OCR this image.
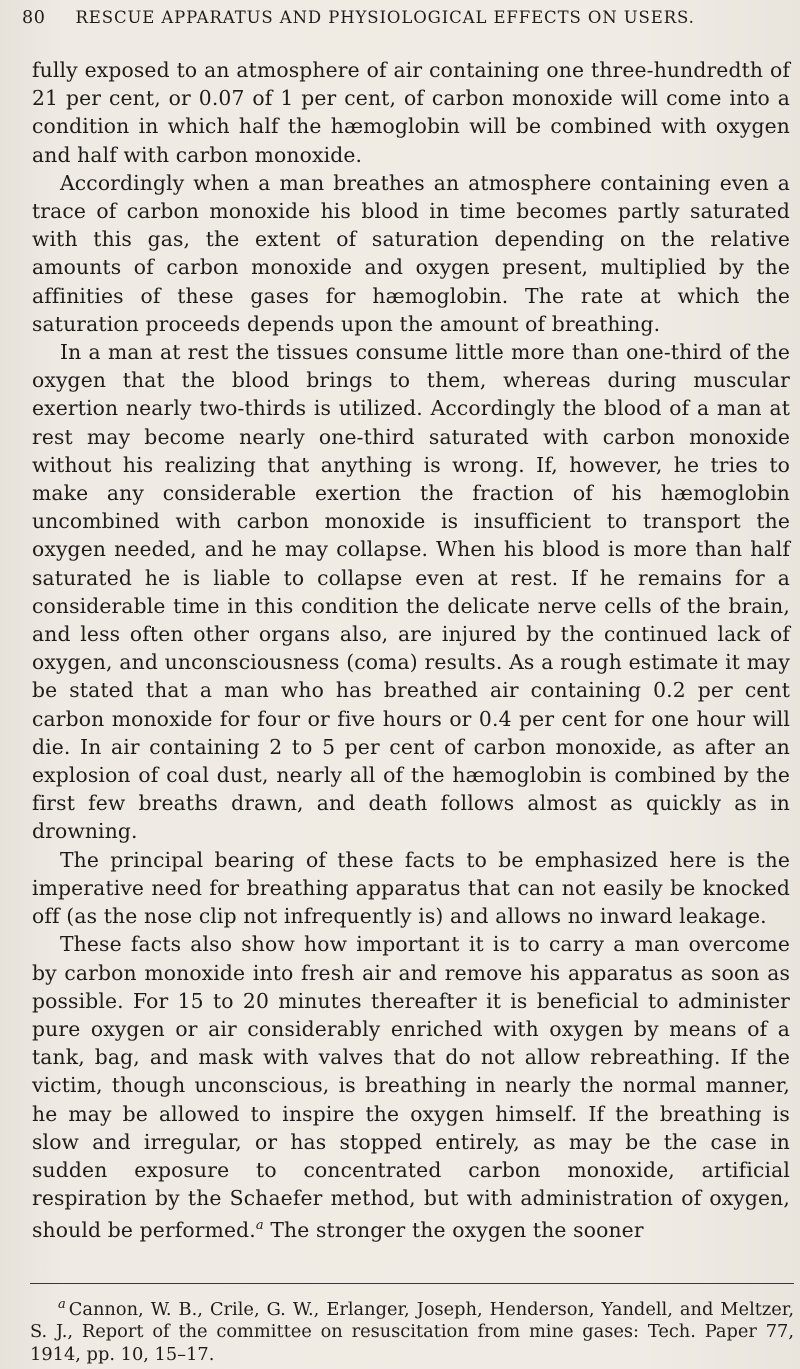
80 RESCUE APPARATUS AND PHYSIOLOGICAL EFFECTS ON USERS.

fully exposed to an atmosphere of air containing one three-hundredth of 21 per cent, or 0.07 of 1 per cent, of carbon monoxide will come into a condition in which half the hæmoglobin will be combined with oxygen and half with carbon monoxide.

Accordingly when a man breathes an atmosphere containing even a trace of carbon monoxide his blood in time becomes partly saturated with this gas, the extent of saturation depending on the relative amounts of carbon monoxide and oxygen present, multiplied by the affinities of these gases for hæmoglobin. The rate at which the saturation proceeds depends upon the amount of breathing.

In a man at rest the tissues consume little more than one-third of the oxygen that the blood brings to them, whereas during muscular exertion nearly two-thirds is utilized. Accordingly the blood of a man at rest may become nearly one-third saturated with carbon monoxide without his realizing that anything is wrong. If, however, he tries to make any considerable exertion the fraction of his hæmoglobin uncombined with carbon monoxide is insufficient to transport the oxygen needed, and he may collapse. When his blood is more than half saturated he is liable to collapse even at rest. If he remains for a considerable time in this condition the delicate nerve cells of the brain, and less often other organs also, are injured by the continued lack of oxygen, and unconsciousness (coma) results. As a rough estimate it may be stated that a man who has breathed air containing 0.2 per cent carbon monoxide for four or five hours or 0.4 per cent for one hour will die. In air containing 2 to 5 per cent of carbon monoxide, as after an explosion of coal dust, nearly all of the hæmoglobin is combined by the first few breaths drawn, and death follows almost as quickly as in drowning.

The principal bearing of these facts to be emphasized here is the imperative need for breathing apparatus that can not easily be knocked off (as the nose clip not infrequently is) and allows no inward leakage.

These facts also show how important it is to carry a man overcome by carbon monoxide into fresh air and remove his apparatus as soon as possible. For 15 to 20 minutes thereafter it is beneficial to administer pure oxygen or air considerably enriched with oxygen by means of a tank, bag, and mask with valves that do not allow rebreathing. If the victim, though unconscious, is breathing in nearly the normal manner, he may be allowed to inspire the oxygen himself. If the breathing is slow and irregular, or has stopped entirely, as may be the case in sudden exposure to concentrated carbon monoxide, artificial respiration by the Schaefer method, but with administration of oxygen, should be performed.$^a$ The stronger the oxygen the sooner

$^a$ Cannon, W. B., Crile, G. W., Erlanger, Joseph, Henderson, Yandell, and Meltzer, S. J., Report of the committee on resuscitation from mine gases: Tech. Paper 77, 1914, pp. 10, 15–17.
